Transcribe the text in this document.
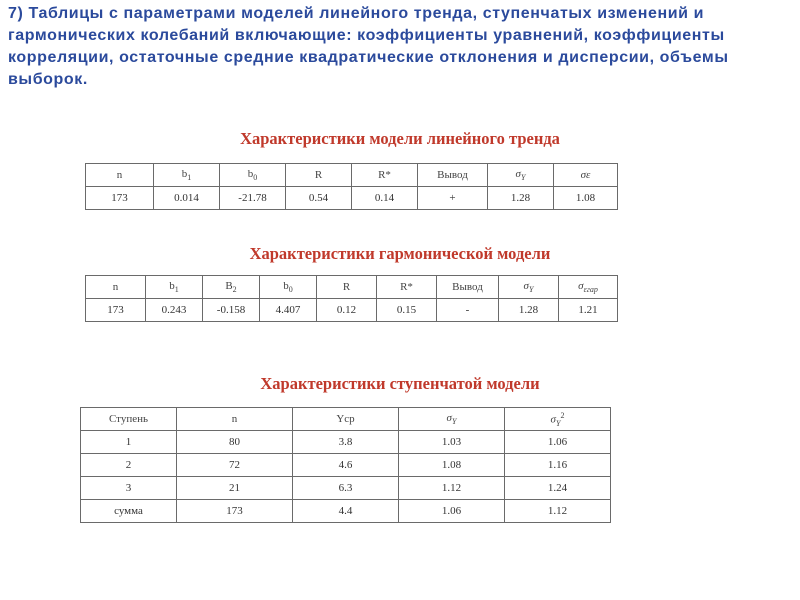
7) Таблицы с параметрами моделей линейного тренда, ступенчатых изменений и гармонических колебаний включающие: коэффициенты уравнений, коэффициенты корреляции, остаточные средние квадратические отклонения и дисперсии, объемы выборок.

Характеристики модели линейного тренда

n	$b_1$	$b_0$	R	R*	Вывод	$\sigma_Y$	σε
173	0.014	-21.78	0.54	0.14	+	1.28	1.08

Характеристики гармонической модели

n	$b_1$	$B_2$	$b_0$	R	R*	Вывод	$\sigma_Y$	$\sigma_{\varepsilon гар}$
173	0.243	-0.158	4.407	0.12	0.15	-	1.28	1.21

Характеристики ступенчатой модели

Ступень	n	Ycp	$\sigma_Y$	$\sigma_Y^2$
1	80	3.8	1.03	1.06
2	72	4.6	1.08	1.16
3	21	6.3	1.12	1.24
сумма	173	4.4	1.06	1.12
